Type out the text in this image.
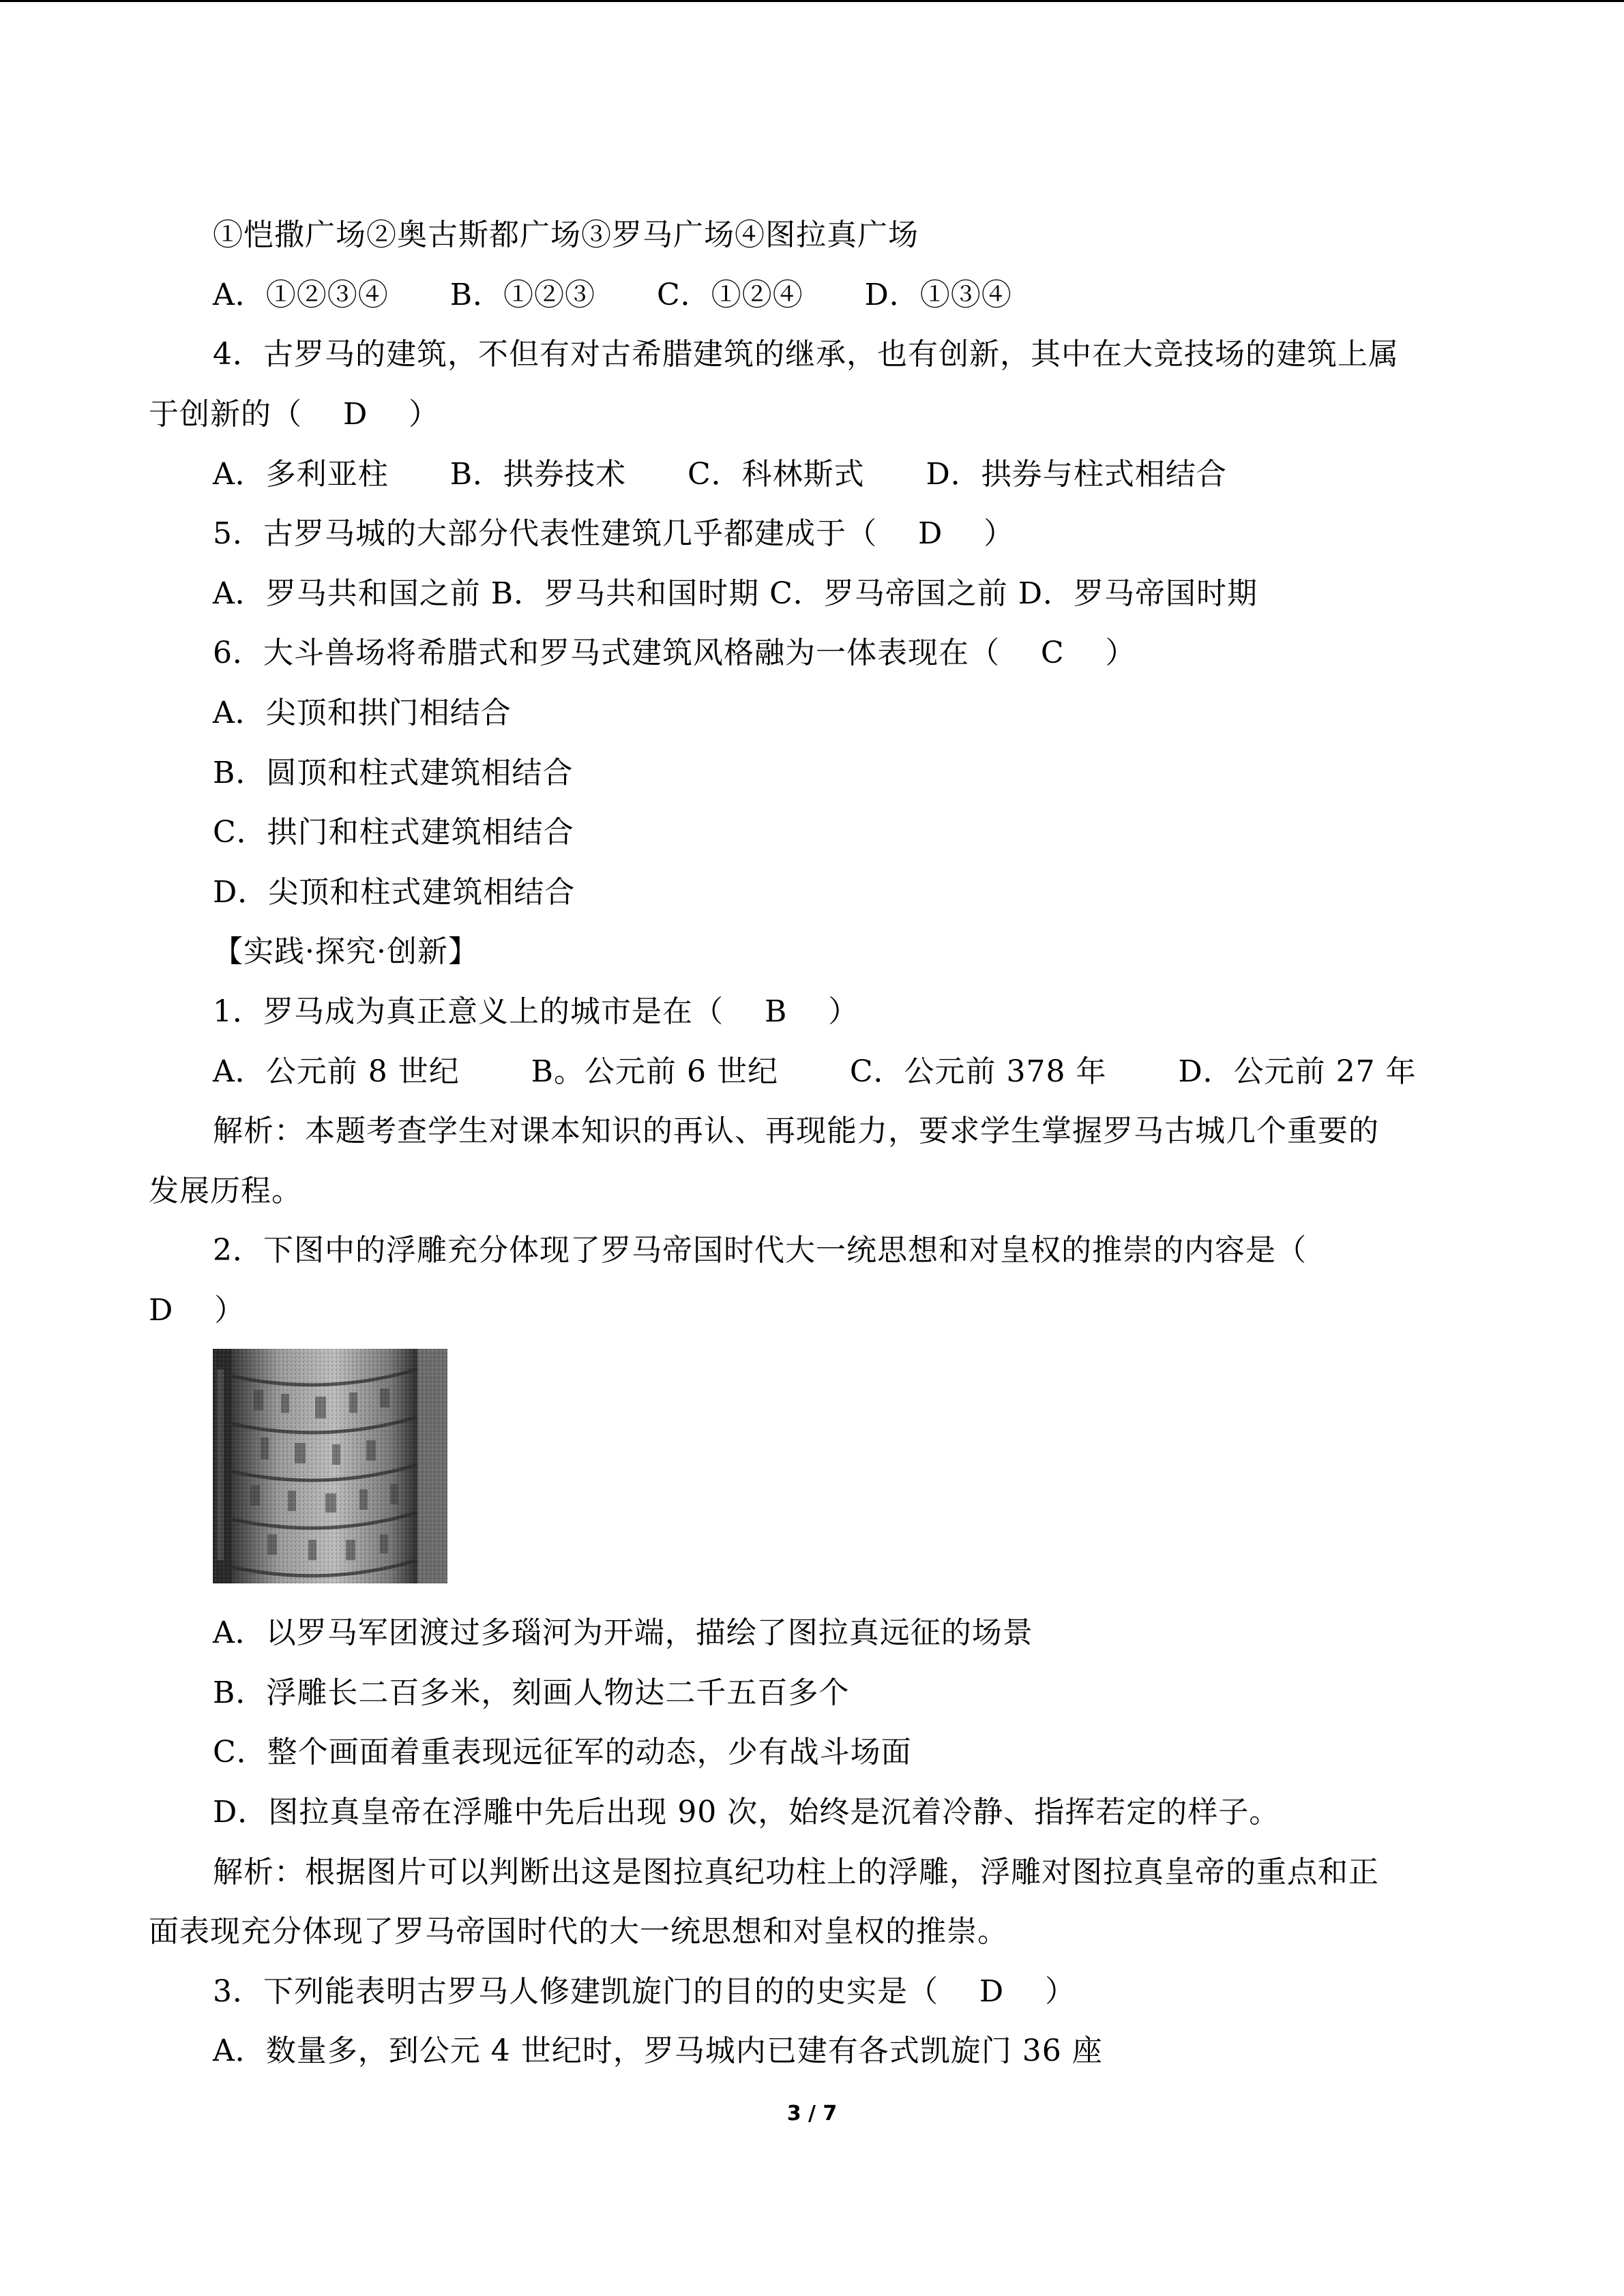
①恺撒广场②奥古斯都广场③罗马广场④图拉真广场
A．①②③④      B．①②③      C．①②④      D．①③④
4．古罗马的建筑，不但有对古希腊建筑的继承，也有创新，其中在大竞技场的建筑上属
于创新的（    D    ）
A．多利亚柱      B．拱券技术      C．科林斯式      D．拱券与柱式相结合
5．古罗马城的大部分代表性建筑几乎都建成于（    D    ）
A．罗马共和国之前 B．罗马共和国时期 C．罗马帝国之前 D．罗马帝国时期
6．大斗兽场将希腊式和罗马式建筑风格融为一体表现在（    C    ）
A．尖顶和拱门相结合
B．圆顶和柱式建筑相结合
C．拱门和柱式建筑相结合
D．尖顶和柱式建筑相结合
【实践·探究·创新】
1．罗马成为真正意义上的城市是在（    B    ）
A．公元前 8 世纪       B。公元前 6 世纪       C．公元前 378 年       D．公元前 27 年
解析：本题考查学生对课本知识的再认、再现能力，要求学生掌握罗马古城几个重要的
发展历程。
2．下图中的浮雕充分体现了罗马帝国时代大一统思想和对皇权的推崇的内容是（
D    ）
A．以罗马军团渡过多瑙河为开端，描绘了图拉真远征的场景
B．浮雕长二百多米，刻画人物达二千五百多个
C．整个画面着重表现远征军的动态，少有战斗场面
D．图拉真皇帝在浮雕中先后出现 90 次，始终是沉着冷静、指挥若定的样子。
解析：根据图片可以判断出这是图拉真纪功柱上的浮雕，浮雕对图拉真皇帝的重点和正
面表现充分体现了罗马帝国时代的大一统思想和对皇权的推崇。
3．下列能表明古罗马人修建凯旋门的目的的史实是（    D    ）
A．数量多，到公元 4 世纪时，罗马城内已建有各式凯旋门 36 座
3 / 7
